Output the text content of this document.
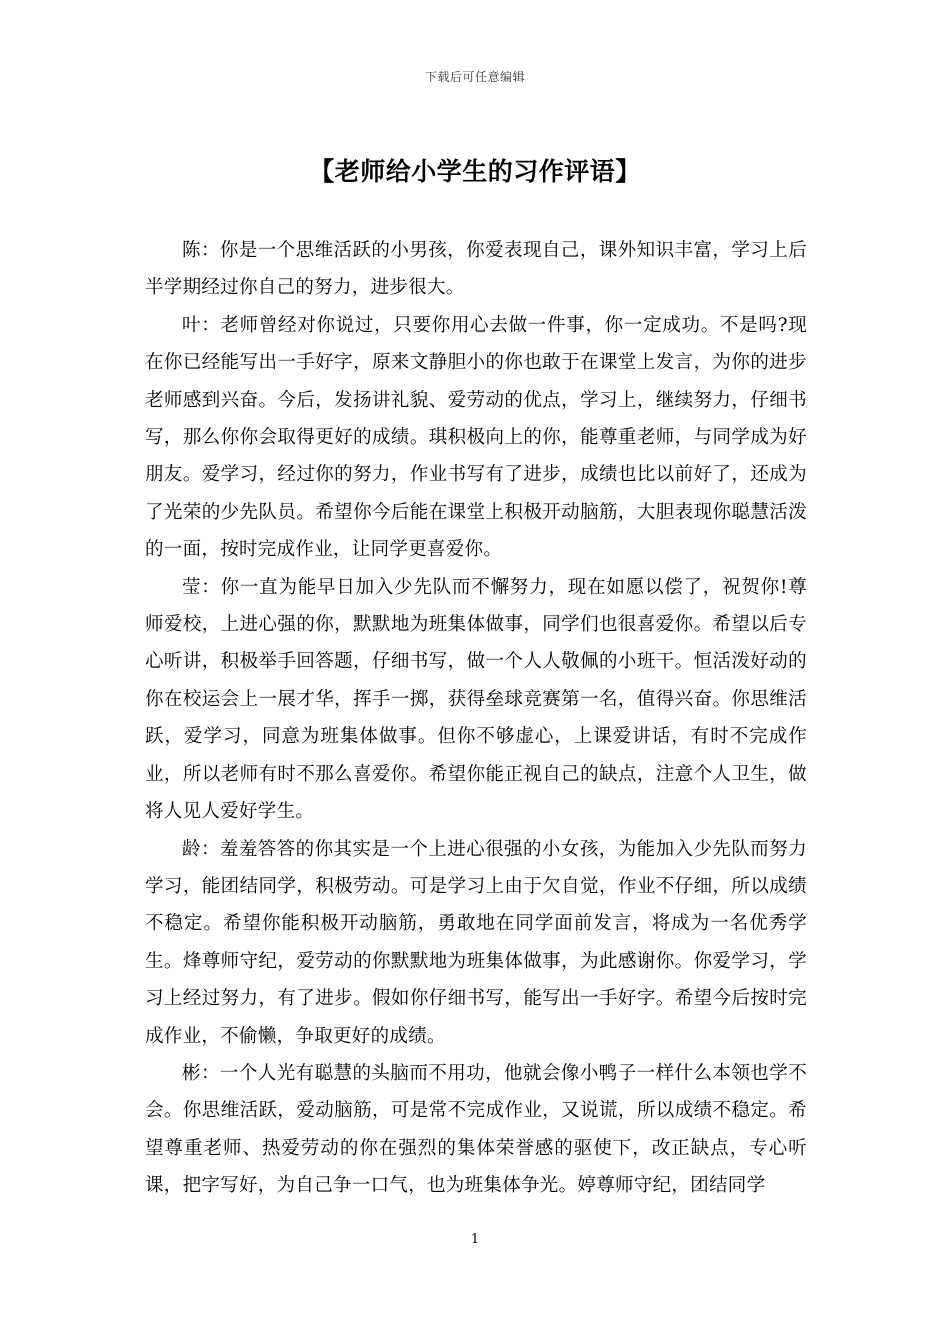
下载后可任意编辑
【老师给小学生的习作评语】

陈：你是一个思维活跃的小男孩，你爱表现自己，课外知识丰富，学习上后半学期经过你自己的努力，进步很大。

叶：老师曾经对你说过，只要你用心去做一件事，你一定成功。不是吗?现在你已经能写出一手好字，原来文静胆小的你也敢于在课堂上发言，为你的进步老师感到兴奋。今后，发扬讲礼貌、爱劳动的优点，学习上，继续努力，仔细书写，那么你你会取得更好的成绩。琪积极向上的你，能尊重老师，与同学成为好朋友。爱学习，经过你的努力，作业书写有了进步，成绩也比以前好了，还成为了光荣的少先队员。希望你今后能在课堂上积极开动脑筋，大胆表现你聪慧活泼的一面，按时完成作业，让同学更喜爱你。

莹：你一直为能早日加入少先队而不懈努力，现在如愿以偿了，祝贺你!尊师爱校，上进心强的你，默默地为班集体做事，同学们也很喜爱你。希望以后专心听讲，积极举手回答题，仔细书写，做一个人人敬佩的小班干。恒活泼好动的你在校运会上一展才华，挥手一掷，获得垒球竞赛第一名，值得兴奋。你思维活跃，爱学习，同意为班集体做事。但你不够虚心，上课爱讲话，有时不完成作业，所以老师有时不那么喜爱你。希望你能正视自己的缺点，注意个人卫生，做将人见人爱好学生。

龄：羞羞答答的你其实是一个上进心很强的小女孩，为能加入少先队而努力学习，能团结同学，积极劳动。可是学习上由于欠自觉，作业不仔细，所以成绩不稳定。希望你能积极开动脑筋，勇敢地在同学面前发言，将成为一名优秀学生。烽尊师守纪，爱劳动的你默默地为班集体做事，为此感谢你。你爱学习，学习上经过努力，有了进步。假如你仔细书写，能写出一手好字。希望今后按时完成作业，不偷懒，争取更好的成绩。

彬：一个人光有聪慧的头脑而不用功，他就会像小鸭子一样什么本领也学不会。你思维活跃，爱动脑筋，可是常不完成作业，又说谎，所以成绩不稳定。希望尊重老师、热爱劳动的你在强烈的集体荣誉感的驱使下，改正缺点，专心听课，把字写好，为自己争一口气，也为班集体争光。婷尊师守纪，团结同学

1
